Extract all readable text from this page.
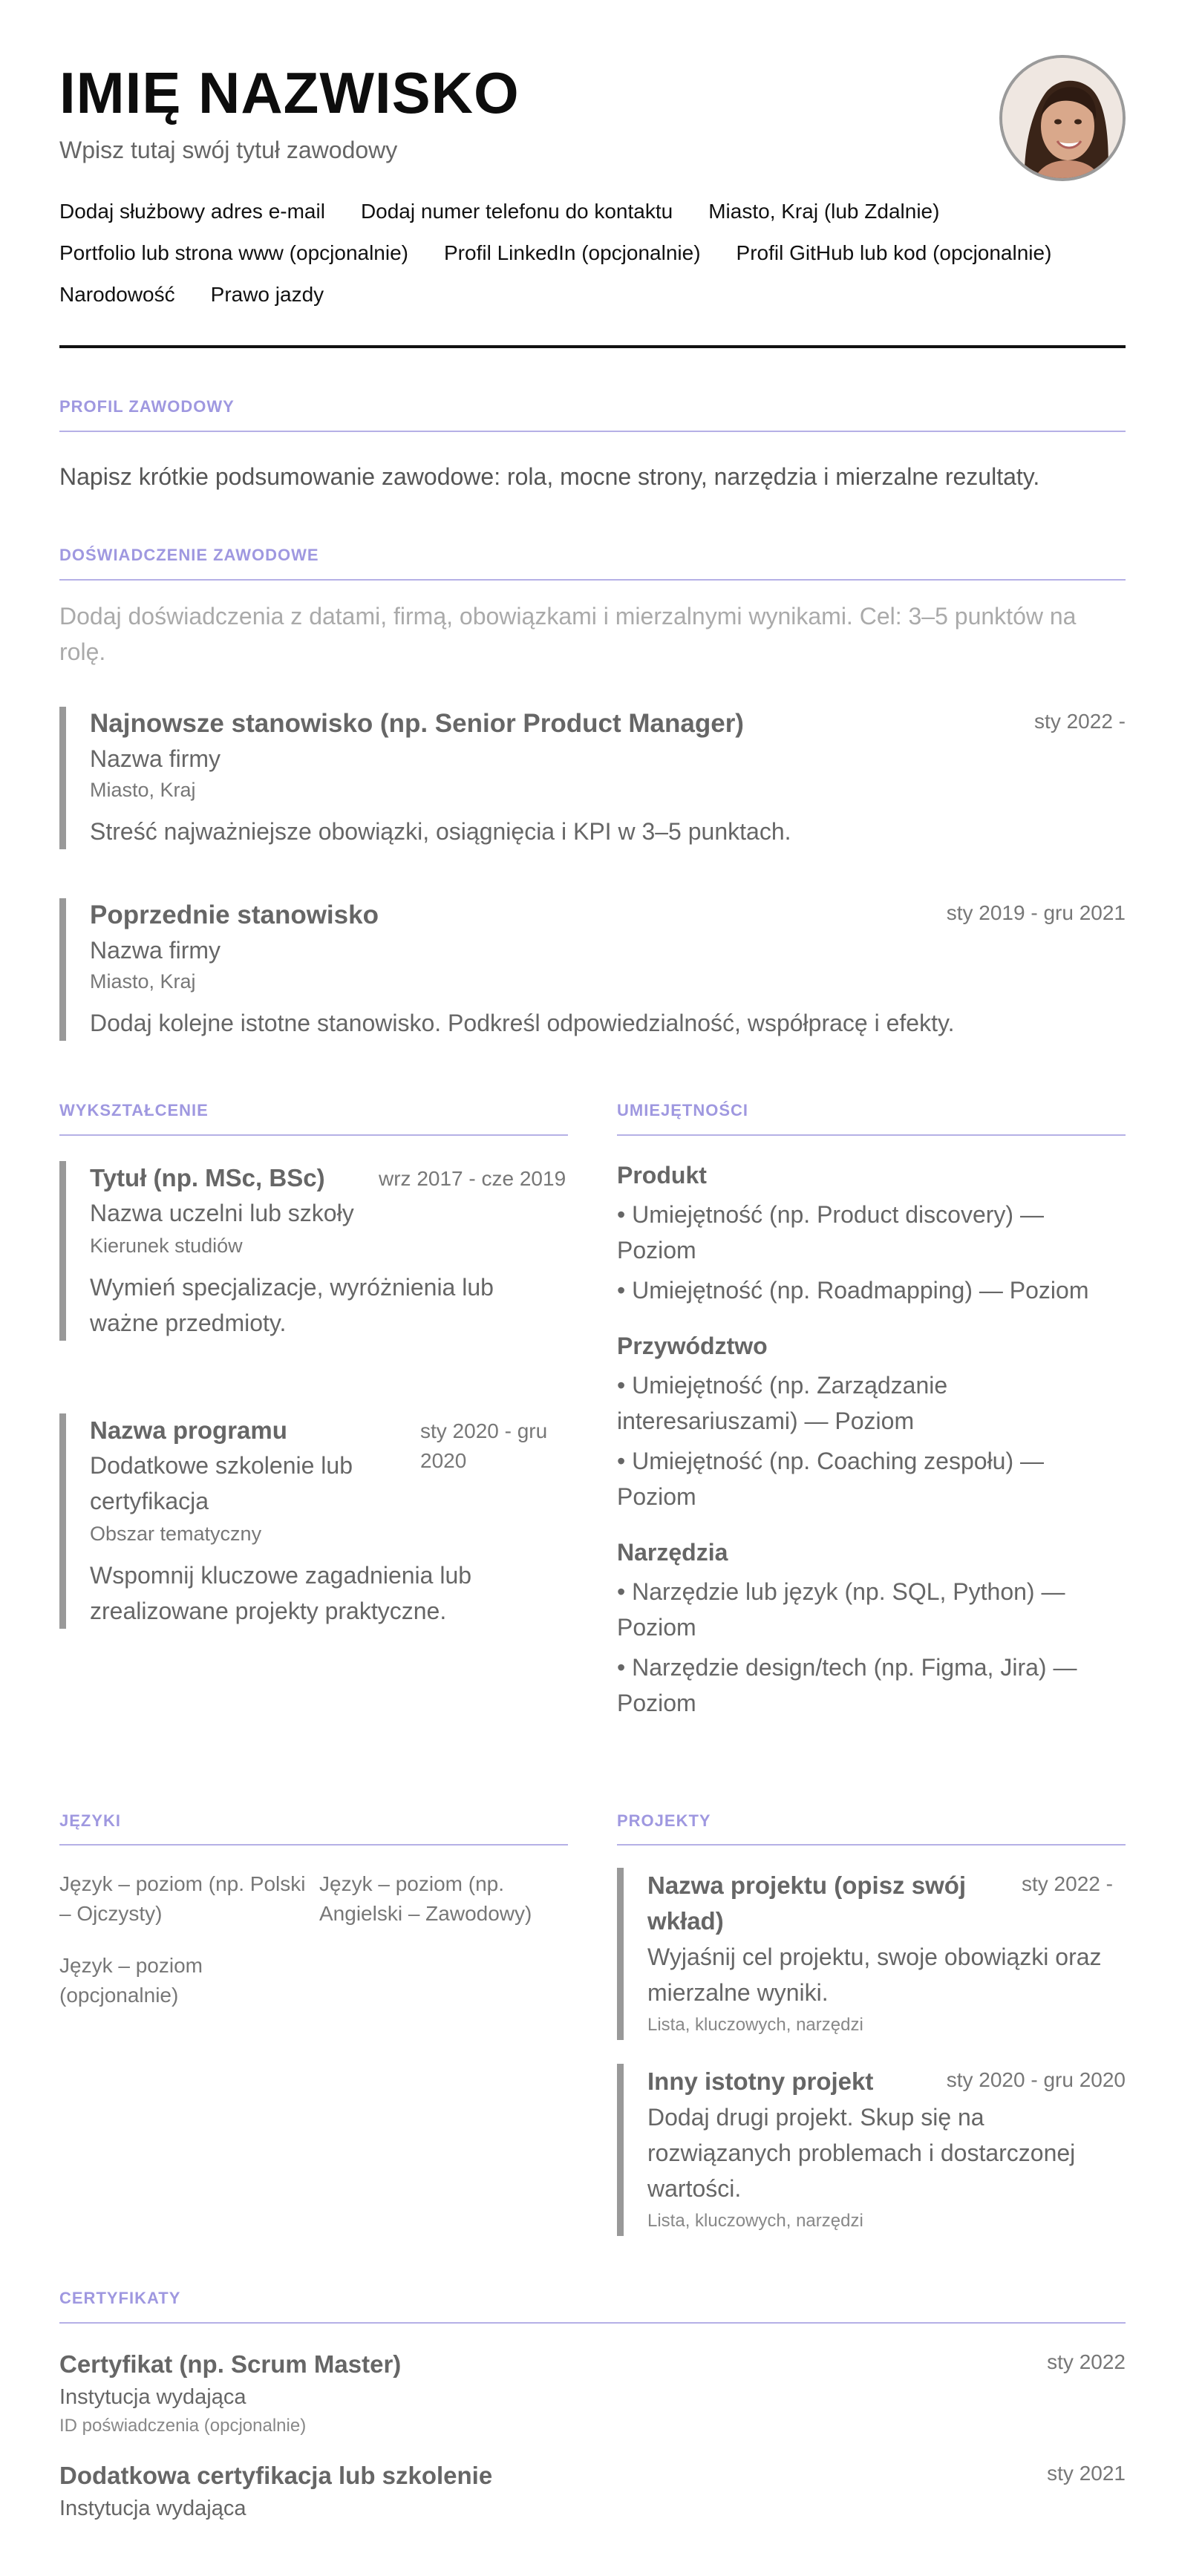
IMIĘ NAZWISKO
Wpisz tutaj swój tytuł zawodowy
Dodaj służbowy adres e-mail Dodaj numer telefonu do kontaktu Miasto, Kraj (lub Zdalnie)
Portfolio lub strona www (opcjonalnie) Profil LinkedIn (opcjonalnie) Profil GitHub lub kod (opcjonalnie)
Narodowość Prawo jazdy
PROFIL ZAWODOWY
Napisz krótkie podsumowanie zawodowe: rola, mocne strony, narzędzia i mierzalne rezultaty.
DOŚWIADCZENIE ZAWODOWE
Dodaj doświadczenia z datami, firmą, obowiązkami i mierzalnymi wynikami. Cel: 3–5 punktów na rolę.
Najnowsze stanowisko (np. Senior Product Manager)
Nazwa firmy
Miasto, Kraj
Streść najważniejsze obowiązki, osiągnięcia i KPI w 3–5 punktach.
sty 2022 -
Poprzednie stanowisko
Nazwa firmy
Miasto, Kraj
Dodaj kolejne istotne stanowisko. Podkreśl odpowiedzialność, współpracę i efekty.
sty 2019 - gru 2021
WYKSZTAŁCENIE
Tytuł (np. MSc, BSc)
Nazwa uczelni lub szkoły
Kierunek studiów
Wymień specjalizacje, wyróżnienia lub ważne przedmioty.
wrz 2017 - cze 2019
Nazwa programu
Dodatkowe szkolenie lub certyfikacja
Obszar tematyczny
Wspomnij kluczowe zagadnienia lub zrealizowane projekty praktyczne.
sty 2020 - gru 2020
UMIEJĘTNOŚCI
Produkt
• Umiejętność (np. Product discovery) — Poziom
• Umiejętność (np. Roadmapping) — Poziom
Przywództwo
• Umiejętność (np. Zarządzanie interesariuszami) — Poziom
• Umiejętność (np. Coaching zespołu) — Poziom
Narzędzia
• Narzędzie lub język (np. SQL, Python) — Poziom
• Narzędzie design/tech (np. Figma, Jira) — Poziom
JĘZYKI
Język – poziom (np. Polski – Ojczysty)
Język – poziom (np. Angielski – Zawodowy)
Język – poziom (opcjonalnie)
PROJEKTY
Nazwa projektu (opisz swój wkład)
Wyjaśnij cel projektu, swoje obowiązki oraz mierzalne wyniki.
Lista, kluczowych, narzędzi
sty 2022 -
Inny istotny projekt
Dodaj drugi projekt. Skup się na rozwiązanych problemach i dostarczonej wartości.
Lista, kluczowych, narzędzi
sty 2020 - gru 2020
CERTYFIKATY
Certyfikat (np. Scrum Master)
Instytucja wydająca
ID poświadczenia (opcjonalnie)
sty 2022
Dodatkowa certyfikacja lub szkolenie
Instytucja wydająca
sty 2021
